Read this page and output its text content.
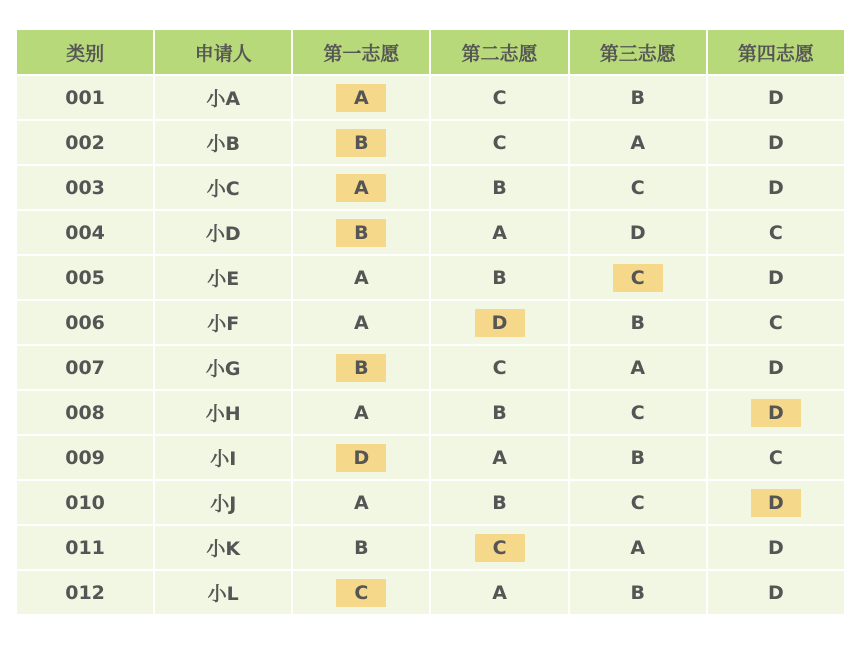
类别	申请人	第一志愿	第二志愿	第三志愿	第四志愿
001	小A	A	C	B	D
002	小B	B	C	A	D
003	小C	A	B	C	D
004	小D	B	A	D	C
005	小E	A	B	C	D
006	小F	A	D	B	C
007	小G	B	C	A	D
008	小H	A	B	C	D
009	小I	D	A	B	C
010	小J	A	B	C	D
011	小K	B	C	A	D
012	小L	C	A	B	D
